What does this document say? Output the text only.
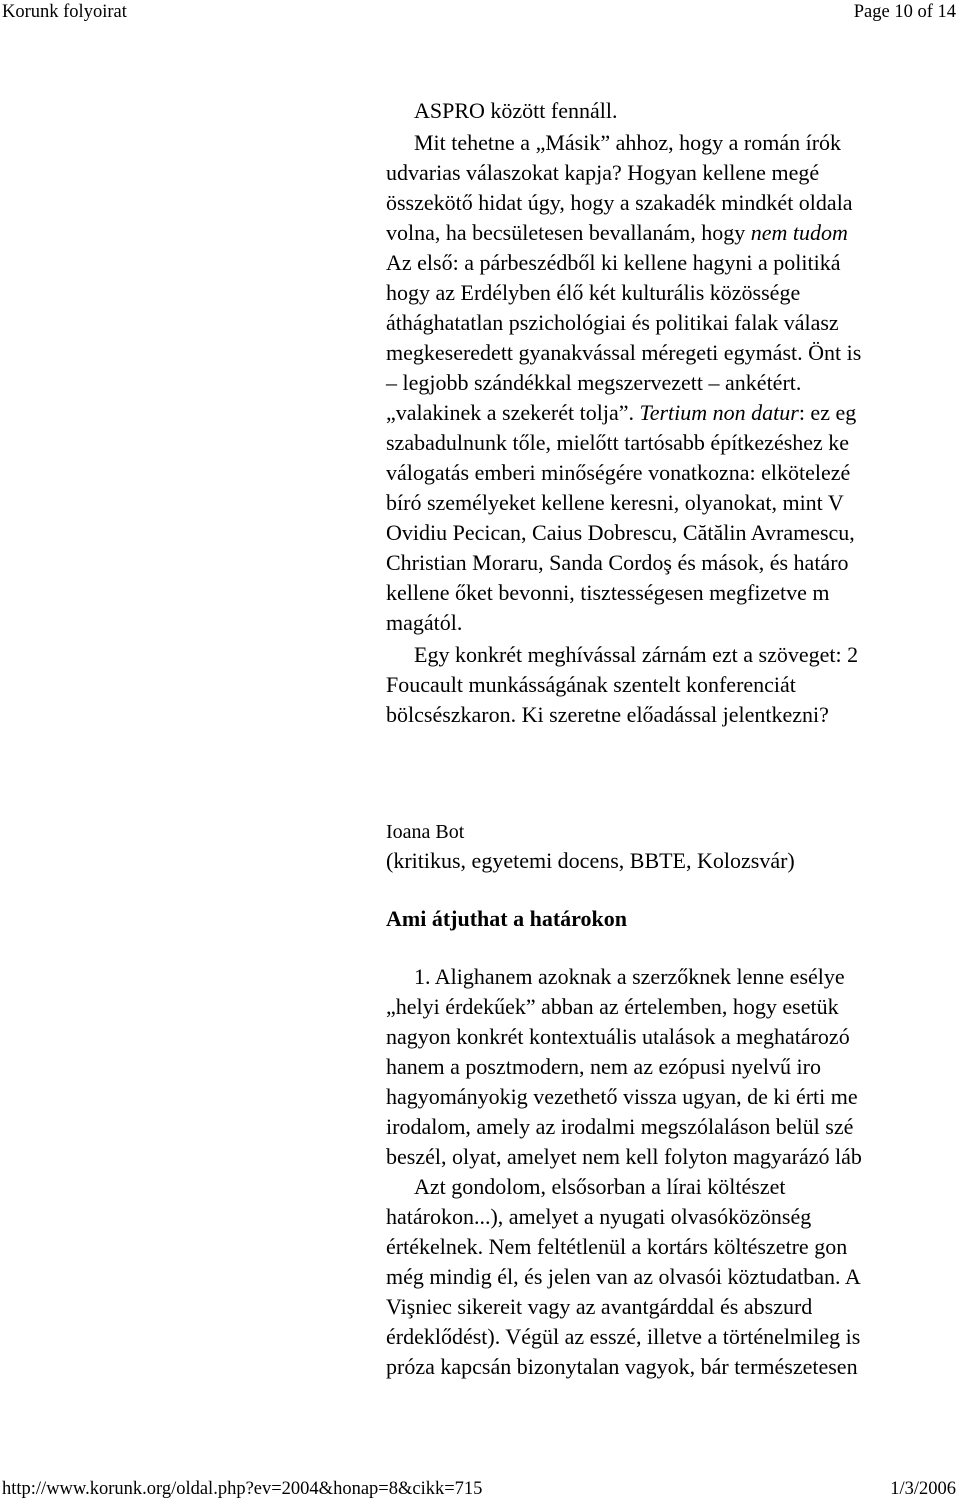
Korunk folyoirat	Page 10 of 14
ASPRO között fennáll.
Mit tehetne a „Másik” ahhoz, hogy a román írók
udvarias válaszokat kapja? Hogyan kellene megé
összekötő hidat úgy, hogy a szakadék mindkét oldala
volna, ha becsületesen bevallanám, hogy nem tudom
Az első: a párbeszédből ki kellene hagyni a politiká
hogy az Erdélyben élő két kulturális közössége
áthághatatlan pszichológiai és politikai falak válasz
megkeseredett gyanakvással méregeti egymást. Önt is
– legjobb szándékkal megszervezett – ankétért.
„valakinek a szekerét tolja”. Tertium non datur: ez eg
szabadulnunk tőle, mielőtt tartósabb építkezéshez ke
válogatás emberi minőségére vonatkozna: elkötelezé
bíró személyeket kellene keresni, olyanokat, mint V
Ovidiu Pecican, Caius Dobrescu, Cătălin Avramescu,
Christian Moraru, Sanda Cordoş és mások, és határo
kellene őket bevonni, tisztességesen megfizetve m
magától.
Egy konkrét meghívással zárnám ezt a szöveget: 2
Foucault munkásságának szentelt konferenciát
bölcsészkaron. Ki szeretne előadással jelentkezni?
Ioana Bot
(kritikus, egyetemi docens, BBTE, Kolozsvár)
Ami átjuthat a határokon
1. Alighanem azoknak a szerzőknek lenne esélye
„helyi érdekűek” abban az értelemben, hogy esetük
nagyon konkrét kontextuális utalások a meghatározó
hanem a posztmodern, nem az ezópusi nyelvű iro
hagyományokig vezethető vissza ugyan, de ki érti me
irodalom, amely az irodalmi megszólaláson belül szé
beszél, olyat, amelyet nem kell folyton magyarázó láb
Azt gondolom, elsősorban a lírai költészet
határokon...), amelyet a nyugati olvasóközönség
értékelnek. Nem feltétlenül a kortárs költészetre gon
még mindig él, és jelen van az olvasói köztudatban. A
Vişniec sikereit vagy az avantgárddal és abszurd
érdeklődést). Végül az esszé, illetve a történelmileg is
próza kapcsán bizonytalan vagyok, bár természetesen
http://www.korunk.org/oldal.php?ev=2004&honap=8&cikk=715	1/3/2006
